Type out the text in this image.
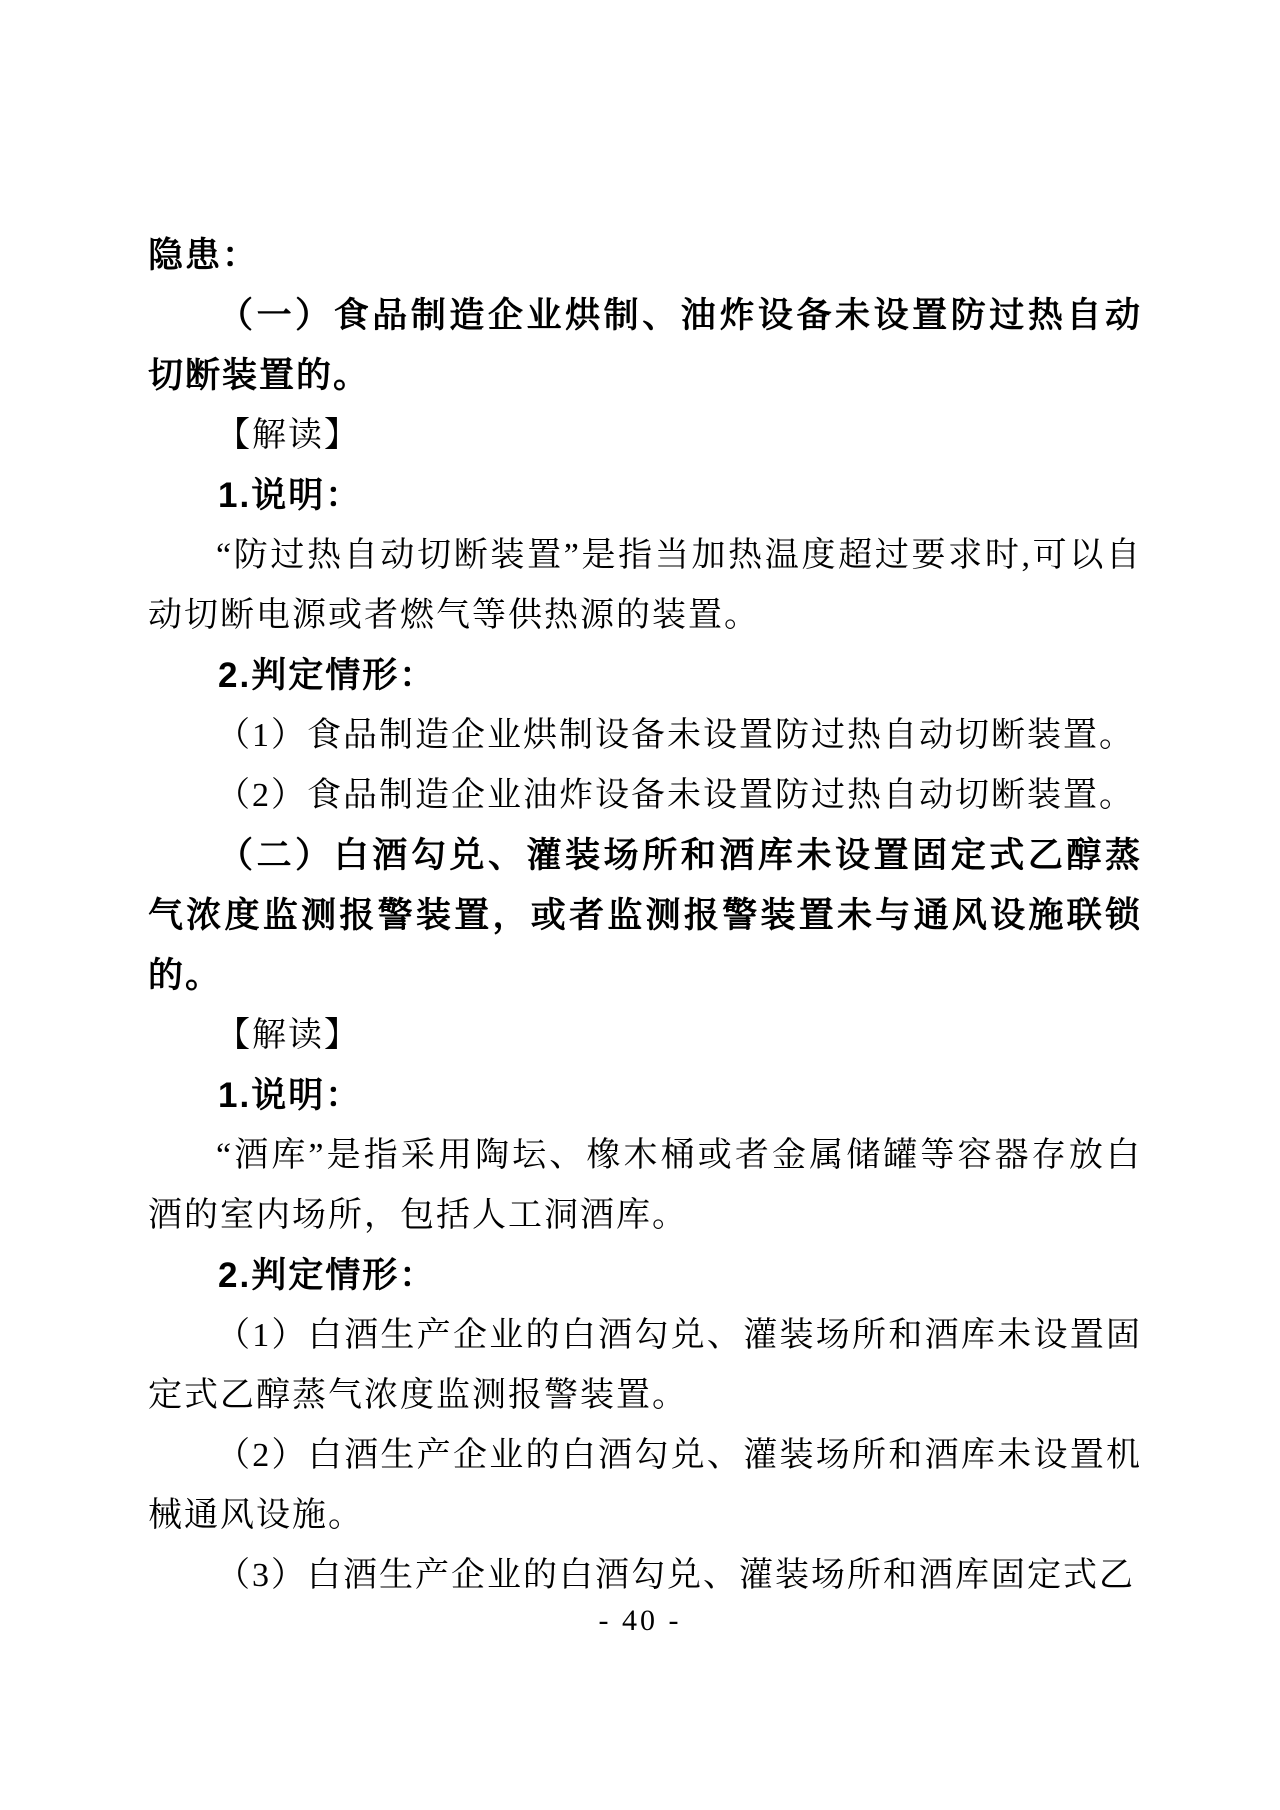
隐患：

（一）食品制造企业烘制、油炸设备未设置防过热自动切断装置的。

【解读】

1.说明：

“防过热自动切断装置”是指当加热温度超过要求时,可以自动切断电源或者燃气等供热源的装置。

2.判定情形：

（1）食品制造企业烘制设备未设置防过热自动切断装置。

（2）食品制造企业油炸设备未设置防过热自动切断装置。

（二）白酒勾兑、灌装场所和酒库未设置固定式乙醇蒸气浓度监测报警装置，或者监测报警装置未与通风设施联锁的。

【解读】

1.说明：

“酒库”是指采用陶坛、橡木桶或者金属储罐等容器存放白酒的室内场所，包括人工洞酒库。

2.判定情形：

（1）白酒生产企业的白酒勾兑、灌装场所和酒库未设置固定式乙醇蒸气浓度监测报警装置。

（2）白酒生产企业的白酒勾兑、灌装场所和酒库未设置机械通风设施。

（3）白酒生产企业的白酒勾兑、灌装场所和酒库固定式乙

- 40 -
